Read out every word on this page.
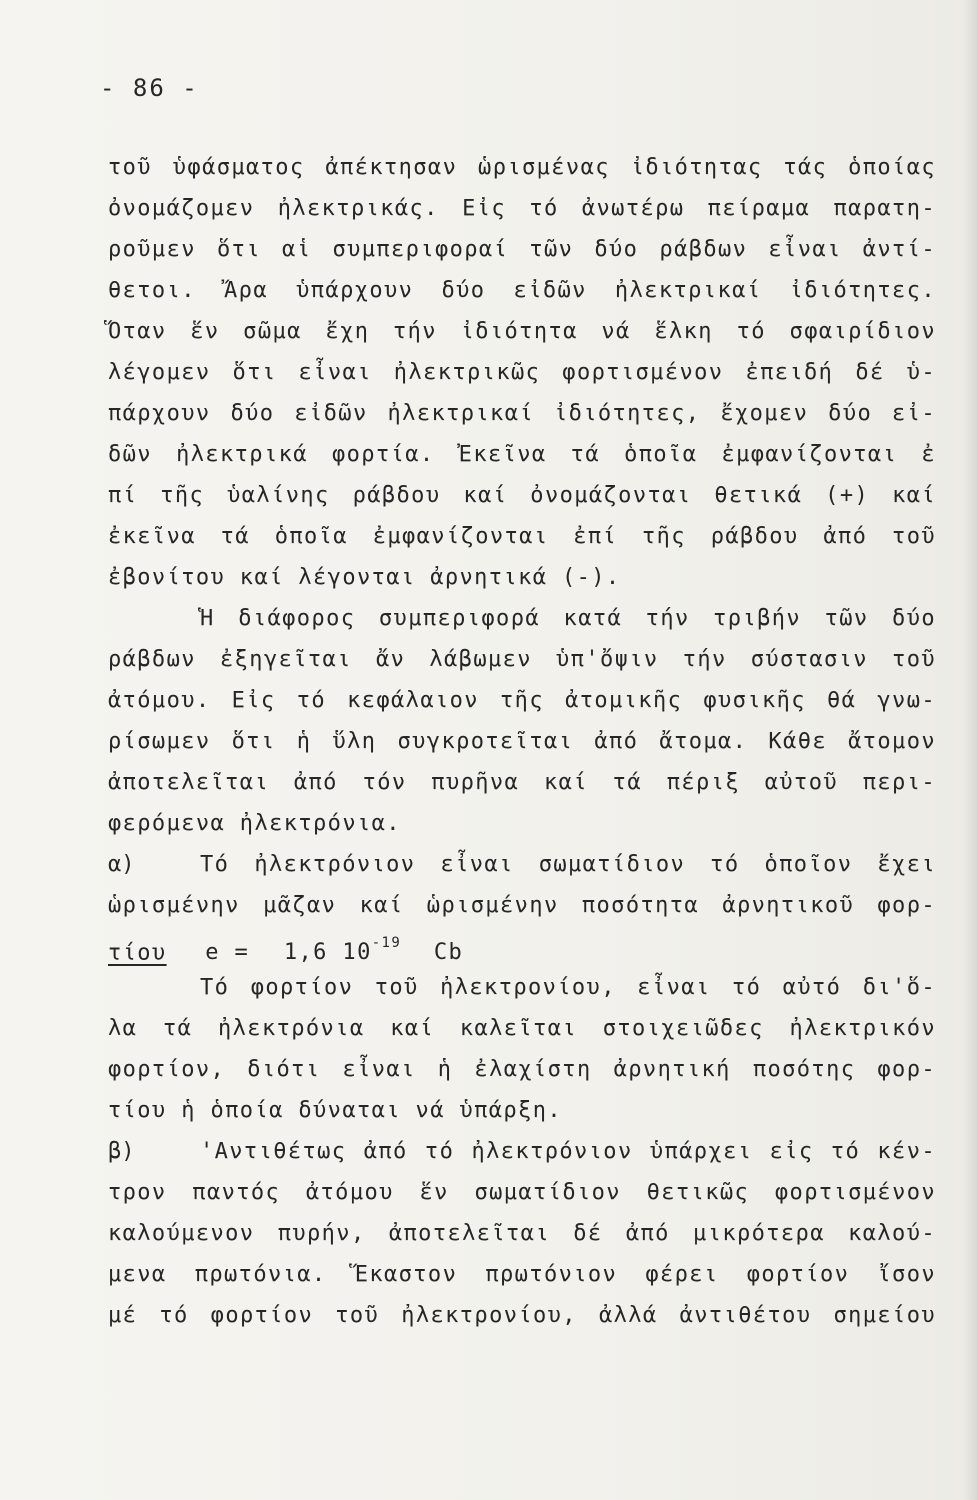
- 86 -
τοῦ ὑφάσματος ἀπέκτησαν ὡρισμένας ἰδιότητας τάς ὁποίας
ὀνομάζομεν ἠλεκτρικάς. Εἰς τό ἀνωτέρω πείραμα παρατη-
ροῦμεν ὅτι αἱ συμπεριφοραί τῶν δύο ράβδων εἶναι ἀντί-
θετοι. Ἄρα ὑπάρχουν δύο εἰδῶν ἠλεκτρικαί ἰδιότητες.
Ὅταν ἕν σῶμα ἔχη τήν ἰδιότητα νά ἕλκη τό σφαιρίδιον
λέγομεν ὅτι εἶναι ἠλεκτρικῶς φορτισμένον ἐπειδή δέ ὑ-
πάρχουν δύο εἰδῶν ἠλεκτρικαί ἰδιότητες, ἔχομεν δύο εἰ-
δῶν ἠλεκτρικά φορτία. Ἐκεῖνα τά ὁποῖα ἐμφανίζονται ἐ
πί τῆς ὑαλίνης ράβδου καί ὀνομάζονται θετικά (+) καί
ἐκεῖνα τά ὁποῖα ἐμφανίζονται ἐπί τῆς ράβδου ἀπό τοῦ
ἐβονίτου καί λέγονται ἀρνητικά (-).
Ἡ διάφορος συμπεριφορά κατά τήν τριβήν τῶν δύο
ράβδων ἐξηγεῖται ἄν λάβωμεν ὑπ'ὄψιν τήν σύστασιν τοῦ
ἀτόμου. Εἰς τό κεφάλαιον τῆς ἀτομικῆς φυσικῆς θά γνω-
ρίσωμεν ὅτι ἡ ὕλη συγκροτεῖται ἀπό ἄτομα. Κάθε ἄτομον
ἀποτελεῖται ἀπό τόν πυρῆνα καί τά πέριξ αὐτοῦ περι-
φερόμενα ἠλεκτρόνια.
α)	Τό ἠλεκτρόνιον εἶναι σωματίδιον τό ὁποῖον ἔχει
ὡρισμένην μᾶζαν καί ὡρισμένην ποσότητα ἀρνητικοῦ φορ-
τίου e = 1,6 $10^{-19}$ Cb
Τό φορτίον τοῦ ἠλεκτρονίου, εἶναι τό αὐτό δι'ὅ-
λα τά ἠλεκτρόνια καί καλεῖται στοιχειῶδες ἠλεκτρικόν
φορτίον, διότι εἶναι ἡ ἐλαχίστη ἀρνητική ποσότης φορ-
τίου ἡ ὁποία δύναται νά ὑπάρξη.
β)	'Αντιθέτως ἀπό τό ἠλεκτρόνιον ὑπάρχει εἰς τό κέν-
τρον παντός ἀτόμου ἕν σωματίδιον θετικῶς φορτισμένον
καλούμενον πυρήν, ἀποτελεῖται δέ ἀπό μικρότερα καλού-
μενα πρωτόνια. Ἕκαστον πρωτόνιον φέρει φορτίον ἴσον
μέ τό φορτίον τοῦ ἠλεκτρονίου, ἀλλά ἀντιθέτου σημείου
